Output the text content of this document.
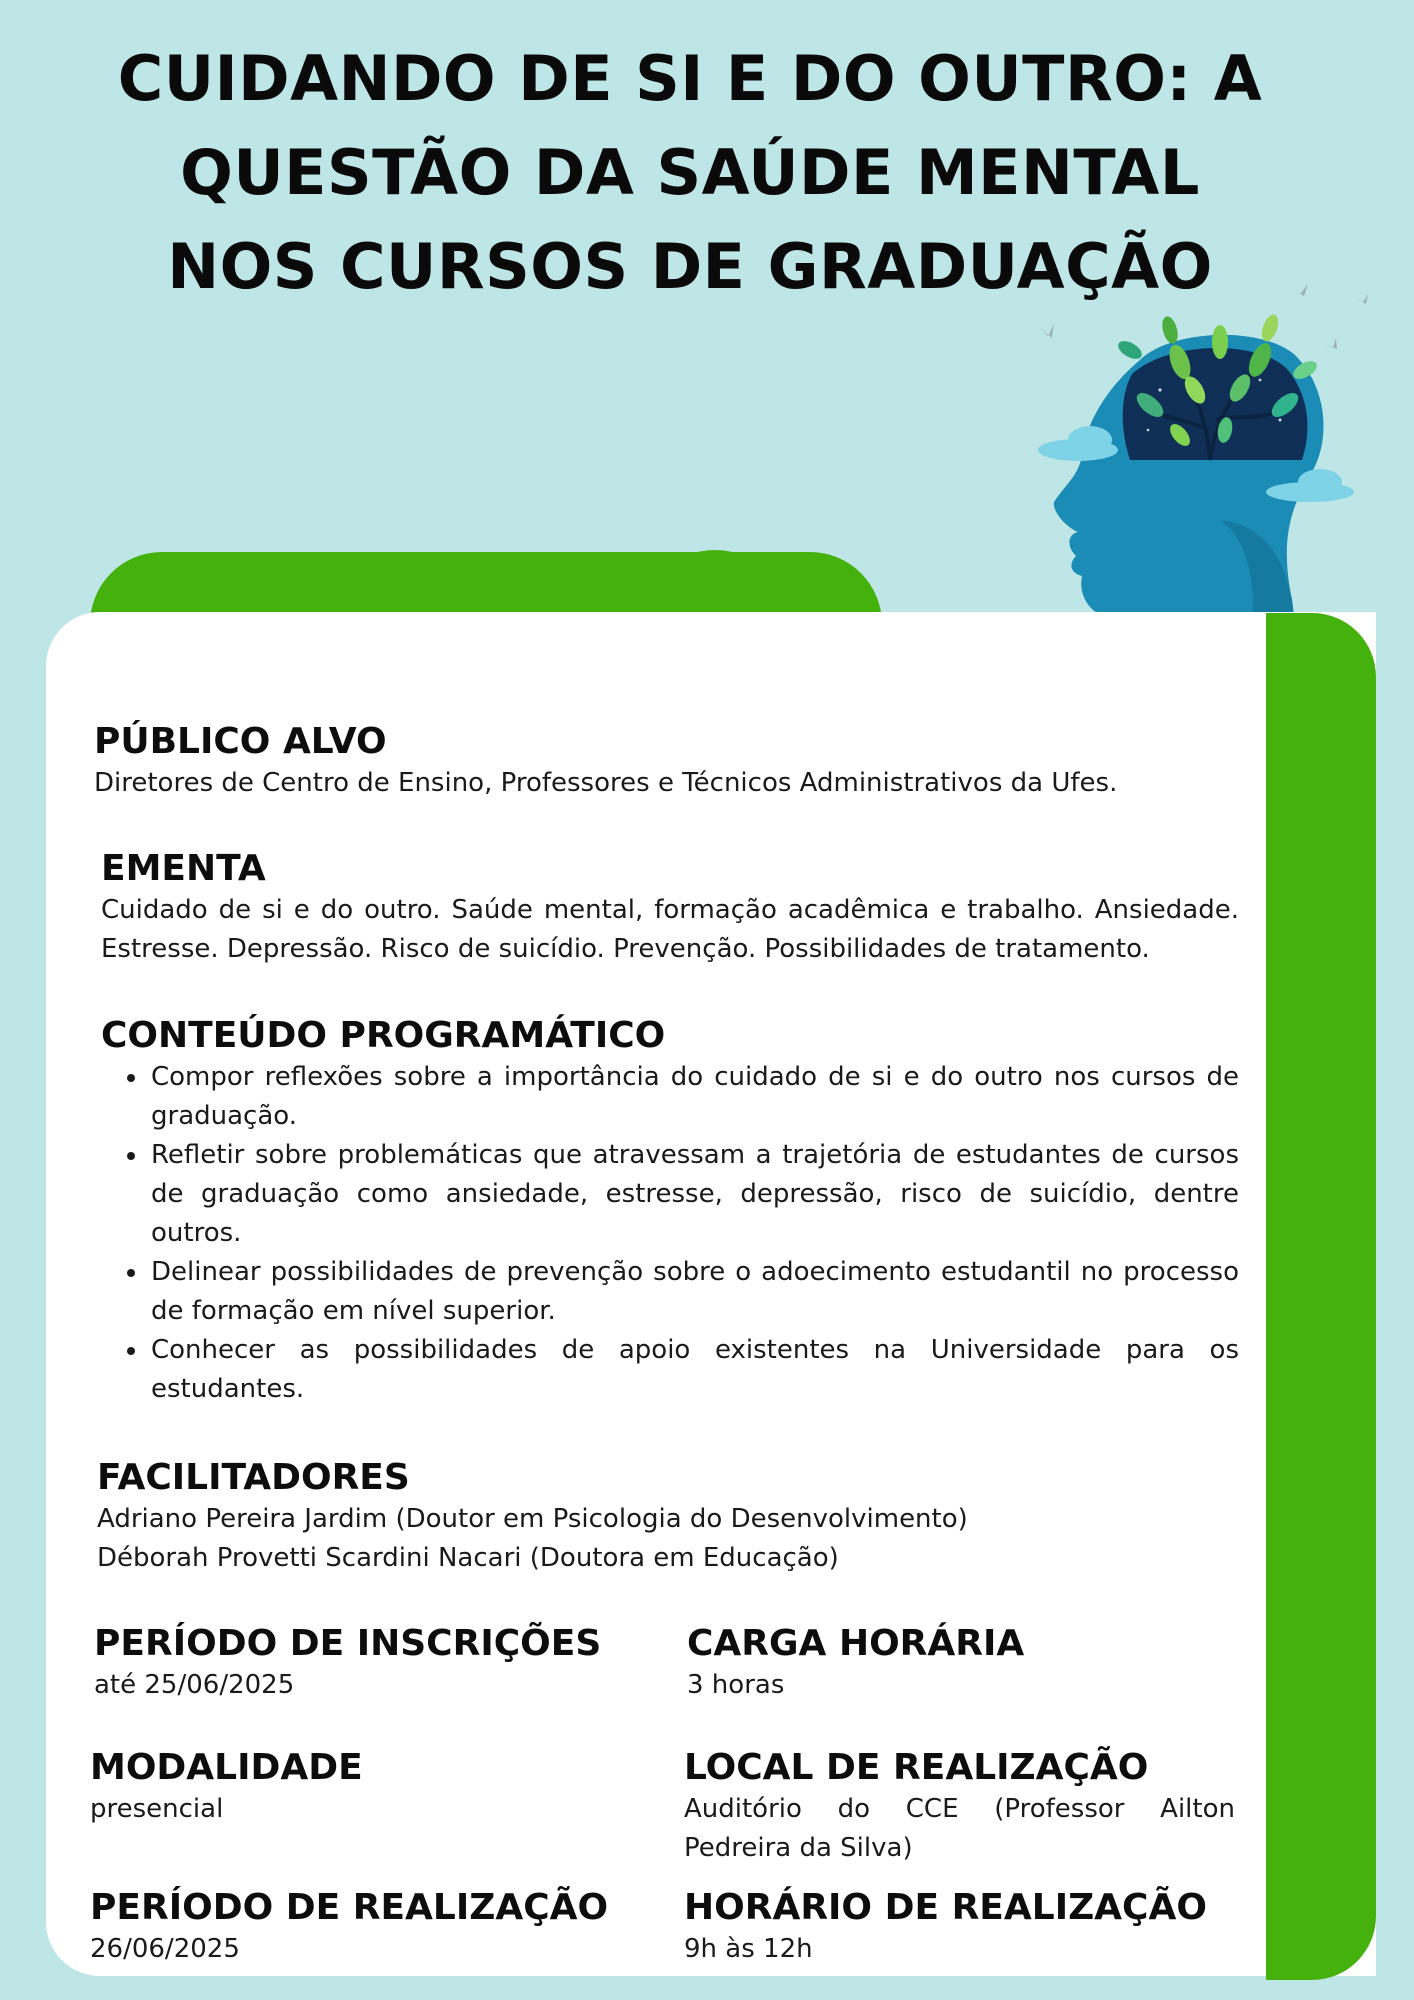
CUIDANDO DE SI E DO OUTRO: A
QUESTÃO DA SAÚDE MENTAL
NOS CURSOS DE GRADUAÇÃO
PÚBLICO ALVO

Diretores de Centro de Ensino, Professores e Técnicos Administrativos da Ufes.

EMENTA

Cuidado de si e do outro. Saúde mental, formação acadêmica e trabalho. Ansiedade. Estresse. Depressão. Risco de suicídio. Prevenção. Possibilidades de tratamento.

CONTEÚDO PROGRAMÁTICO
• Compor reflexões sobre a importância do cuidado de si e do outro nos cursos de graduação.
• Refletir sobre problemáticas que atravessam a trajetória de estudantes de cursos de graduação como ansiedade, estresse, depressão, risco de suicídio, dentre outros.
• Delinear possibilidades de prevenção sobre o adoecimento estudantil no processo de formação em nível superior.
• Conhecer as possibilidades de apoio existentes na Universidade para os estudantes.
FACILITADORES

Adriano Pereira Jardim (Doutor em Psicologia do Desenvolvimento)

Déborah Provetti Scardini Nacari (Doutora em Educação)

PERÍODO DE INSCRIÇÕES

até 25/06/2025

CARGA HORÁRIA

3 horas

MODALIDADE

presencial

LOCAL DE REALIZAÇÃO

Auditório do CCE (Professor Ailton Pedreira da Silva)

PERÍODO DE REALIZAÇÃO

26/06/2025

HORÁRIO DE REALIZAÇÃO

9h às 12h
